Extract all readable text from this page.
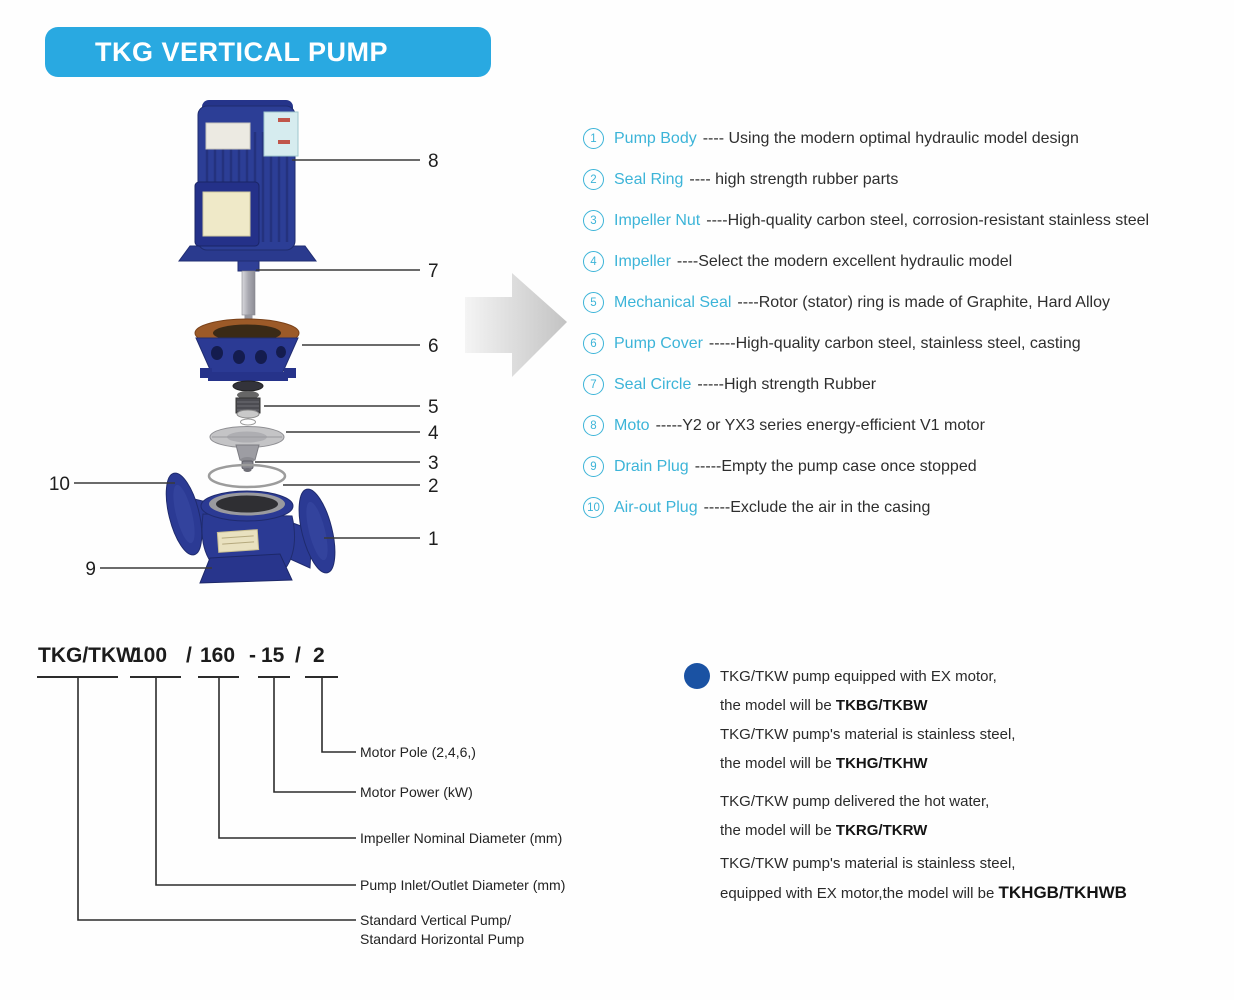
TKG VERTICAL PUMP
8
7
6
5
4
3
2
1
10
9
1	Pump Body ---- Using the modern optimal hydraulic model design
2	Seal Ring ---- high strength rubber parts
3	Impeller Nut ----High-quality carbon steel, corrosion-resistant stainless steel
4	Impeller ----Select the modern excellent hydraulic model
5	Mechanical Seal ----Rotor (stator) ring is made of Graphite, Hard Alloy
6	Pump Cover -----High-quality carbon steel, stainless steel, casting
7	Seal Circle -----High strength Rubber
8	Moto -----Y2 or YX3 series energy-efficient V1 motor
9	Drain Plug -----Empty the pump case once stopped
10 Air-out Plug -----Exclude the air in the casing
TKG/TKW
100 / 160 - 15 / 2
Motor Pole (2,4,6,)
Motor Power (kW)
Impeller Nominal Diameter (mm)
Pump Inlet/Outlet Diameter (mm)
Standard Vertical Pump/
Standard Horizontal Pump
TKG/TKW pump equipped with EX motor,
the model will be TKBG/TKBW
TKG/TKW pump's material is stainless steel,
the model will be TKHG/TKHW
TKG/TKW pump delivered the hot water,
the model will be TKRG/TKRW
TKG/TKW pump's material is stainless steel,
equipped with EX motor,the model will be TKHGB/TKHWB
